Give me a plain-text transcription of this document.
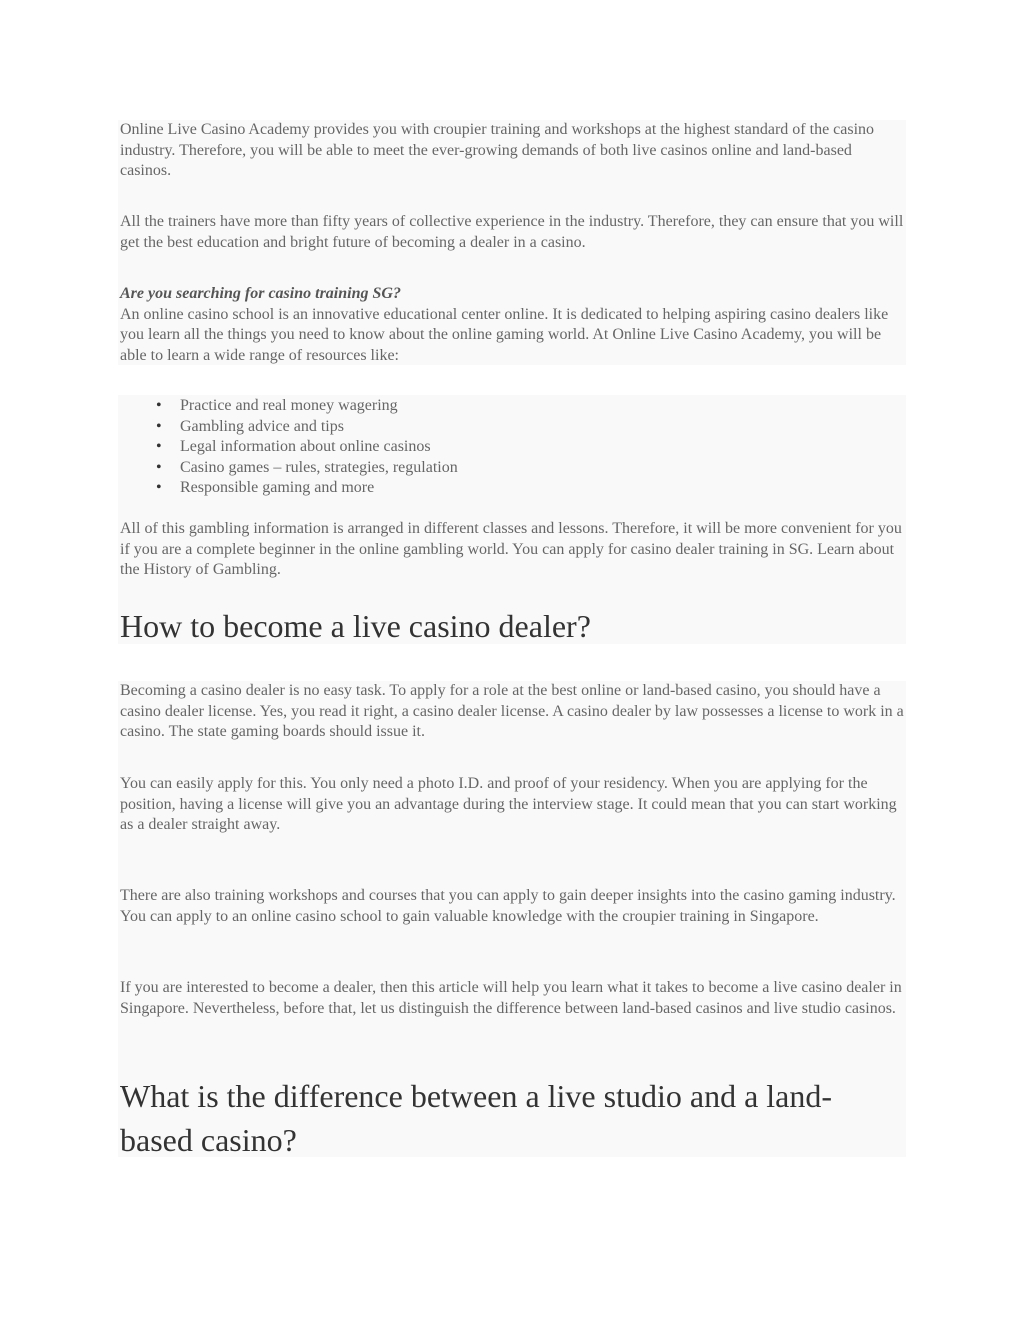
Online Live Casino Academy provides you with croupier training and workshops at the highest standard of the casino industry. Therefore, you will be able to meet the ever-growing demands of both live casinos online and land-based casinos.

All the trainers have more than fifty years of collective experience in the industry. Therefore, they can ensure that you will get the best education and bright future of becoming a dealer in a casino.

Are you searching for casino training SG?
An online casino school is an innovative educational center online. It is dedicated to helping aspiring casino dealers like you learn all the things you need to know about the online gaming world. At Online Live Casino Academy, you will be able to learn a wide range of resources like:
• Practice and real money wagering
• Gambling advice and tips
• Legal information about online casinos
• Casino games – rules, strategies, regulation
• Responsible gaming and more

All of this gambling information is arranged in different classes and lessons. Therefore, it will be more convenient for you if you are a complete beginner in the online gambling world. You can apply for casino dealer training in SG. Learn about the History of Gambling.

How to become a live casino dealer?

Becoming a casino dealer is no easy task. To apply for a role at the best online or land-based casino, you should have a casino dealer license. Yes, you read it right, a casino dealer license. A casino dealer by law possesses a license to work in a casino. The state gaming boards should issue it.

You can easily apply for this. You only need a photo I.D. and proof of your residency. When you are applying for the position, having a license will give you an advantage during the interview stage. It could mean that you can start working as a dealer straight away.

There are also training workshops and courses that you can apply to gain deeper insights into the casino gaming industry. You can apply to an online casino school to gain valuable knowledge with the croupier training in Singapore.

If you are interested to become a dealer, then this article will help you learn what it takes to become a live casino dealer in Singapore. Nevertheless, before that, let us distinguish the difference between land-based casinos and live studio casinos.

What is the difference between a live studio and a land-based casino?
